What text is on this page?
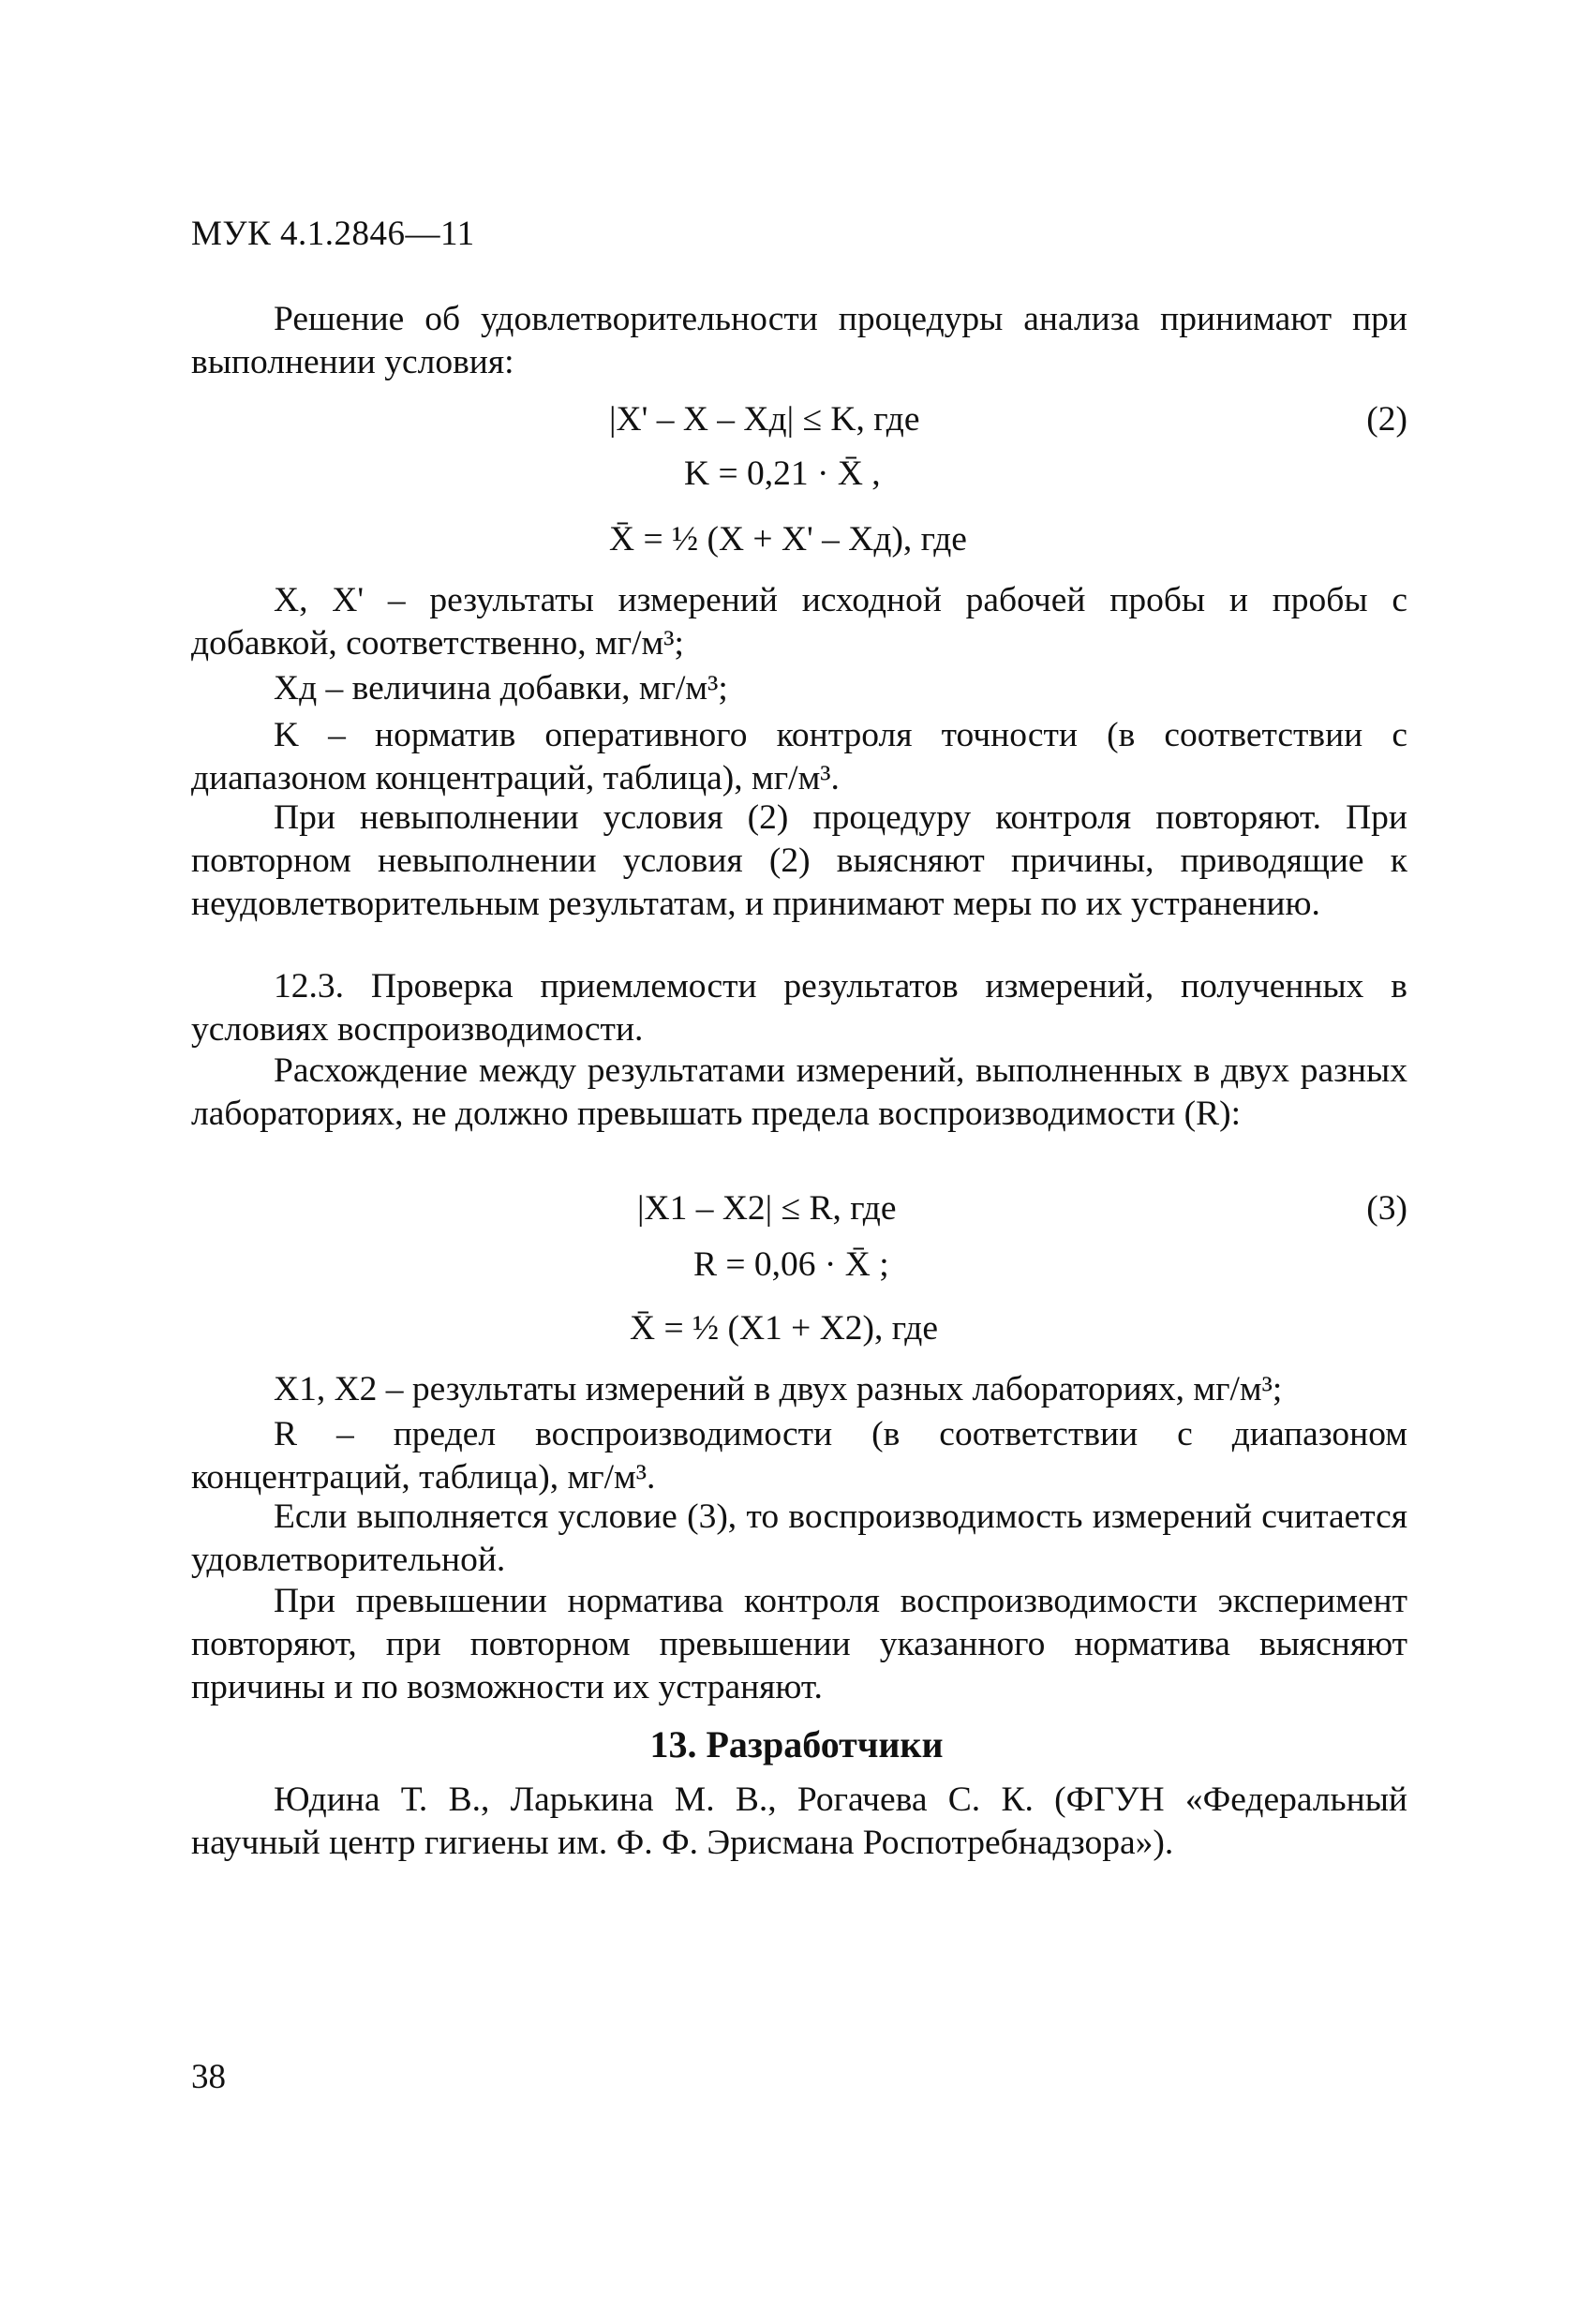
МУК 4.1.2846—11
Решение об удовлетворительности процедуры анализа принимают при выполнении условия:
|X' – X – Xд| ≤ K, где	(2)
K = 0,21 · X̄ ,
X̄ = ½ (X + X' – Xд), где
X, X' – результаты измерений исходной рабочей пробы и пробы с добавкой, соответственно, мг/м³;
Xд – величина добавки, мг/м³;
K – норматив оперативного контроля точности (в соответствии с диапазоном концентраций, таблица), мг/м³.
При невыполнении условия (2) процедуру контроля повторяют. При повторном невыполнении условия (2) выясняют причины, приводящие к неудовлетворительным результатам, и принимают меры по их устранению.
12.3. Проверка приемлемости результатов измерений, полученных в условиях воспроизводимости.
Расхождение между результатами измерений, выполненных в двух разных лабораториях, не должно превышать предела воспроизводимости (R):
|X1 – X2| ≤ R, где	(3)
R = 0,06 · X̄ ;
X̄ = ½ (X1 + X2), где
X1, X2 – результаты измерений в двух разных лабораториях, мг/м³;
R – предел воспроизводимости (в соответствии с диапазоном концентраций, таблица), мг/м³.
Если выполняется условие (3), то воспроизводимость измерений считается удовлетворительной.
При превышении норматива контроля воспроизводимости эксперимент повторяют, при повторном превышении указанного норматива выясняют причины и по возможности их устраняют.
13. Разработчики
Юдина Т. В., Ларькина М. В., Рогачева С. К. (ФГУН «Федеральный научный центр гигиены им. Ф. Ф. Эрисмана Роспотребнадзора»).
38
